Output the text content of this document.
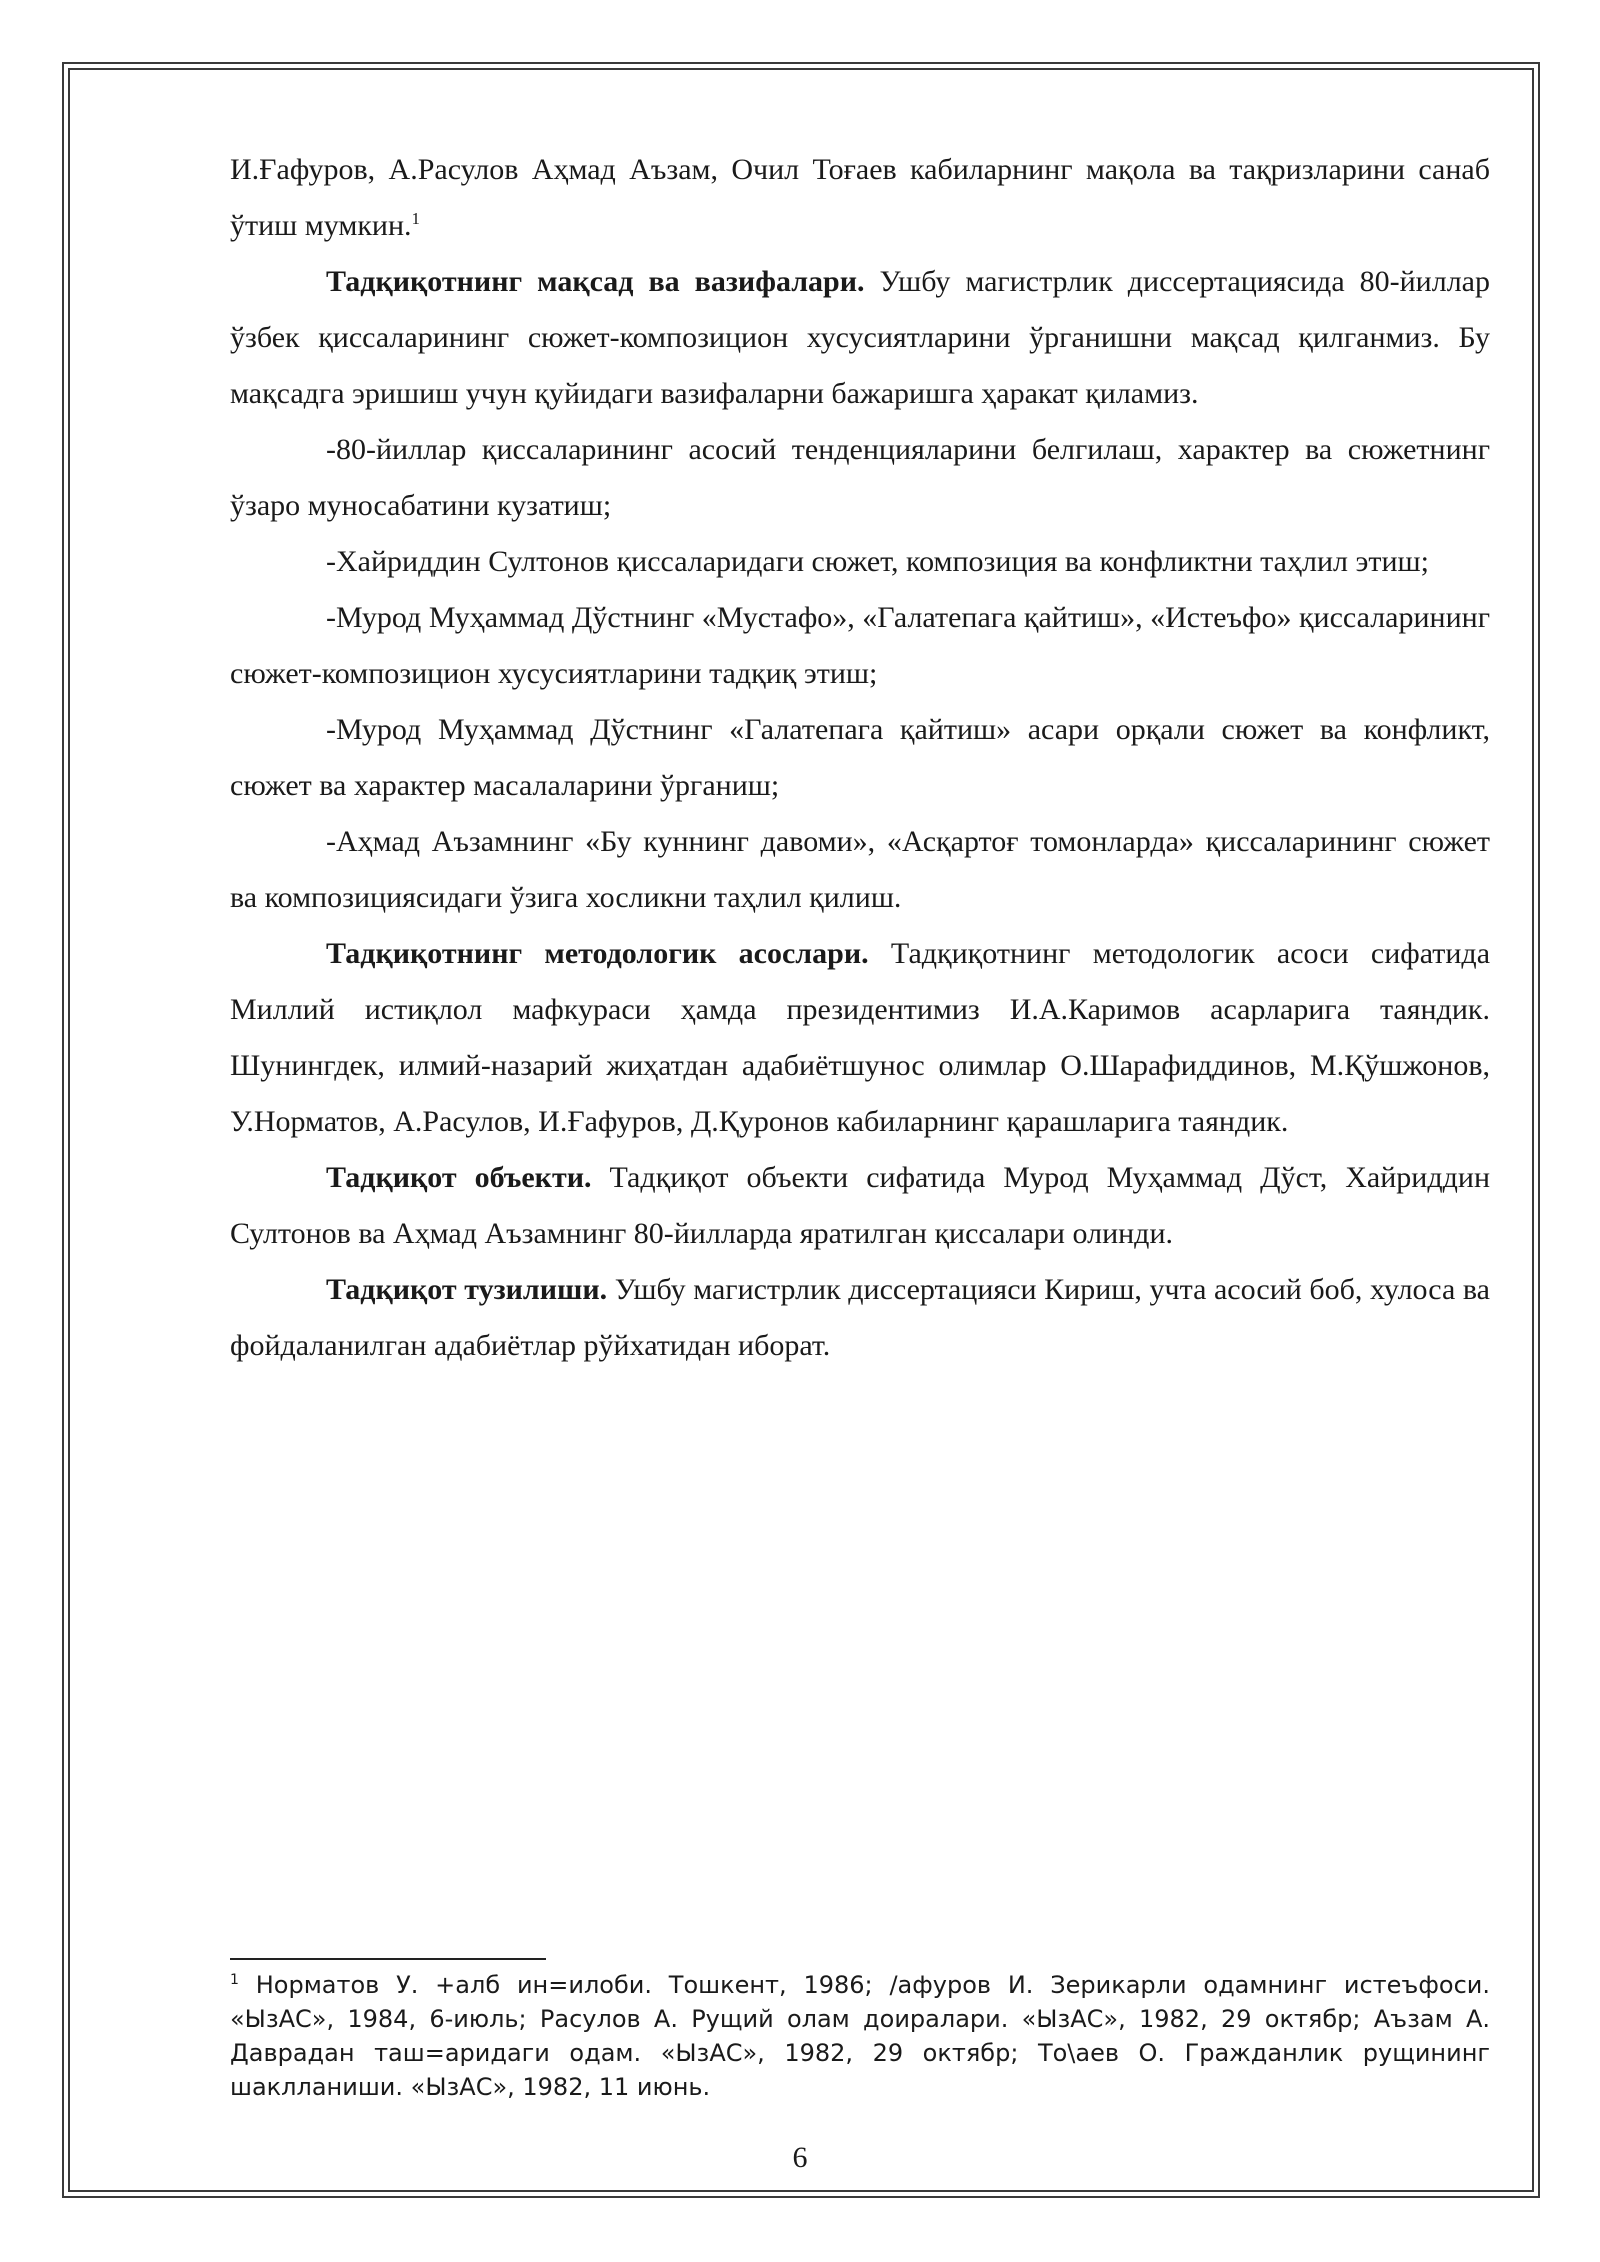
И.Ғафуров, А.Расулов Аҳмад Аъзам, Очил Тоғаев кабиларнинг мақола ва тақризларини санаб ўтиш мумкин.$^1$

Тадқиқотнинг мақсад ва вазифалари. Ушбу магистрлик диссертациясида 80-йиллар ўзбек қиссаларининг сюжет-композицион хусусиятларини ўрганишни мақсад қилганмиз. Бу мақсадга эришиш учун қуйидаги вазифаларни бажаришга ҳаракат қиламиз.

-80-йиллар қиссаларининг асосий тенденцияларини белгилаш, характер ва сюжетнинг ўзаро муносабатини кузатиш;

-Хайриддин Султонов қиссаларидаги сюжет, композиция ва конфликтни таҳлил этиш;

-Мурод Муҳаммад Дўстнинг «Мустафо», «Галатепага қайтиш», «Истеъфо» қиссаларининг сюжет-композицион хусусиятларини тадқиқ этиш;

-Мурод Муҳаммад Дўстнинг «Галатепага қайтиш» асари орқали сюжет ва конфликт, сюжет ва характер масалаларини ўрганиш;

-Аҳмад Аъзамнинг «Бу куннинг давоми», «Асқартоғ томонларда» қиссаларининг сюжет ва композициясидаги ўзига хосликни таҳлил қилиш.

Тадқиқотнинг методологик асослари. Тадқиқотнинг методологик асоси сифатида Миллий истиқлол мафкураси ҳамда президентимиз И.А.Каримов асарларига таяндик. Шунингдек, илмий-назарий жиҳатдан адабиётшунос олимлар О.Шарафиддинов, М.Қўшжонов, У.Норматов, А.Расулов, И.Ғафуров, Д.Қуронов кабиларнинг қарашларига таяндик.

Тадқиқот объекти. Тадқиқот объекти сифатида Мурод Муҳаммад Дўст, Хайриддин Султонов ва Аҳмад Аъзамнинг 80-йилларда яратилган қиссалари олинди.

Тадқиқот тузилиши. Ушбу магистрлик диссертацияси Кириш, учта асосий боб, хулоса ва фойдаланилган адабиётлар рўйхатидан иборат.

$^1$ Норматов У. +алб ин=илоби. Тошкент, 1986; /афуров И. Зерикарли одамнинг истеъфоси. «ЫзАС», 1984, 6-июль; Расулов А. Рущий олам доиралари. «ЫзАС», 1982, 29 октябр; Аъзам А. Даврадан таш=аридаги одам. «ЫзАС», 1982, 29 октябр; То\аев О. Гражданлик рущининг шаклланиши. «ЫзАС», 1982, 11 июнь.

6
